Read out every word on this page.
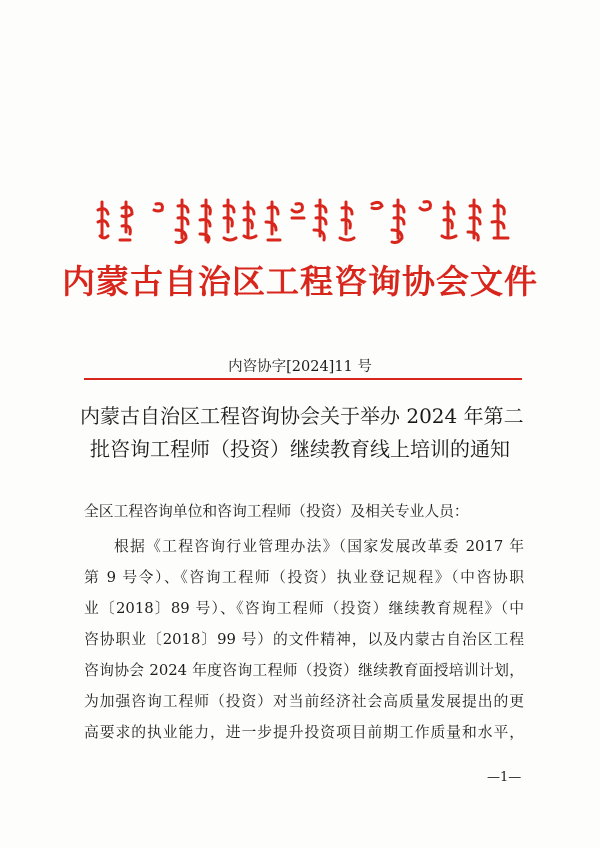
内蒙古自治区工程咨询协会文件
内咨协字[2024]11 号
内蒙古自治区工程咨询协会关于举办 2024 年第二
批咨询工程师（投资）继续教育线上培训的通知
全区工程咨询单位和咨询工程师（投资）及相关专业人员：
根据《工程咨询行业管理办法》（国家发展改革委 2017 年
第 9 号令）、《咨询工程师（投资）执业登记规程》（中咨协职
业〔2018〕89 号）、《咨询工程师（投资）继续教育规程》（中
咨协职业〔2018〕99 号）的文件精神，以及内蒙古自治区工程
咨询协会 2024 年度咨询工程师（投资）继续教育面授培训计划，
为加强咨询工程师（投资）对当前经济社会高质量发展提出的更
高要求的执业能力，进一步提升投资项目前期工作质量和水平，
—1—
